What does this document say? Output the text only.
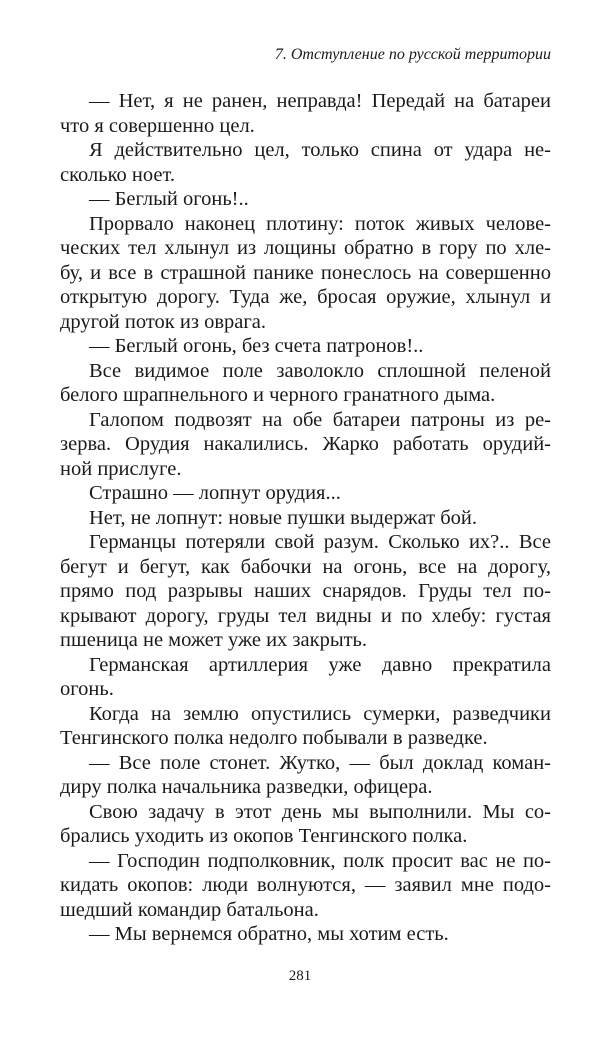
7. Отступление по русской территории
— Нет, я не ранен, неправда! Передай на батареи
что я совершенно цел.
Я действительно цел, только спина от удара не-
сколько ноет.
— Беглый огонь!..
Прорвало наконец плотину: поток живых челове-
ческих тел хлынул из лощины обратно в гору по хле-
бу, и все в страшной панике понеслось на совершенно
открытую дорогу. Туда же, бросая оружие, хлынул и
другой поток из оврага.
— Беглый огонь, без счета патронов!..
Все видимое поле заволокло сплошной пеленой
белого шрапнельного и черного гранатного дыма.
Галопом подвозят на обе батареи патроны из ре-
зерва. Орудия накалились. Жарко работать орудий-
ной прислуге.
Страшно — лопнут орудия...
Нет, не лопнут: новые пушки выдержат бой.
Германцы потеряли свой разум. Сколько их?.. Все
бегут и бегут, как бабочки на огонь, все на дорогу,
прямо под разрывы наших снарядов. Груды тел по-
крывают дорогу, груды тел видны и по хлебу: густая
пшеница не может уже их закрыть.
Германская артиллерия уже давно прекратила
огонь.
Когда на землю опустились сумерки, разведчики
Тенгинского полка недолго побывали в разведке.
— Все поле стонет. Жутко, — был доклад коман-
диру полка начальника разведки, офицера.
Свою задачу в этот день мы выполнили. Мы со-
брались уходить из окопов Тенгинского полка.
— Господин подполковник, полк просит вас не по-
кидать окопов: люди волнуются, — заявил мне подо-
шедший командир батальона.
— Мы вернемся обратно, мы хотим есть.
281
